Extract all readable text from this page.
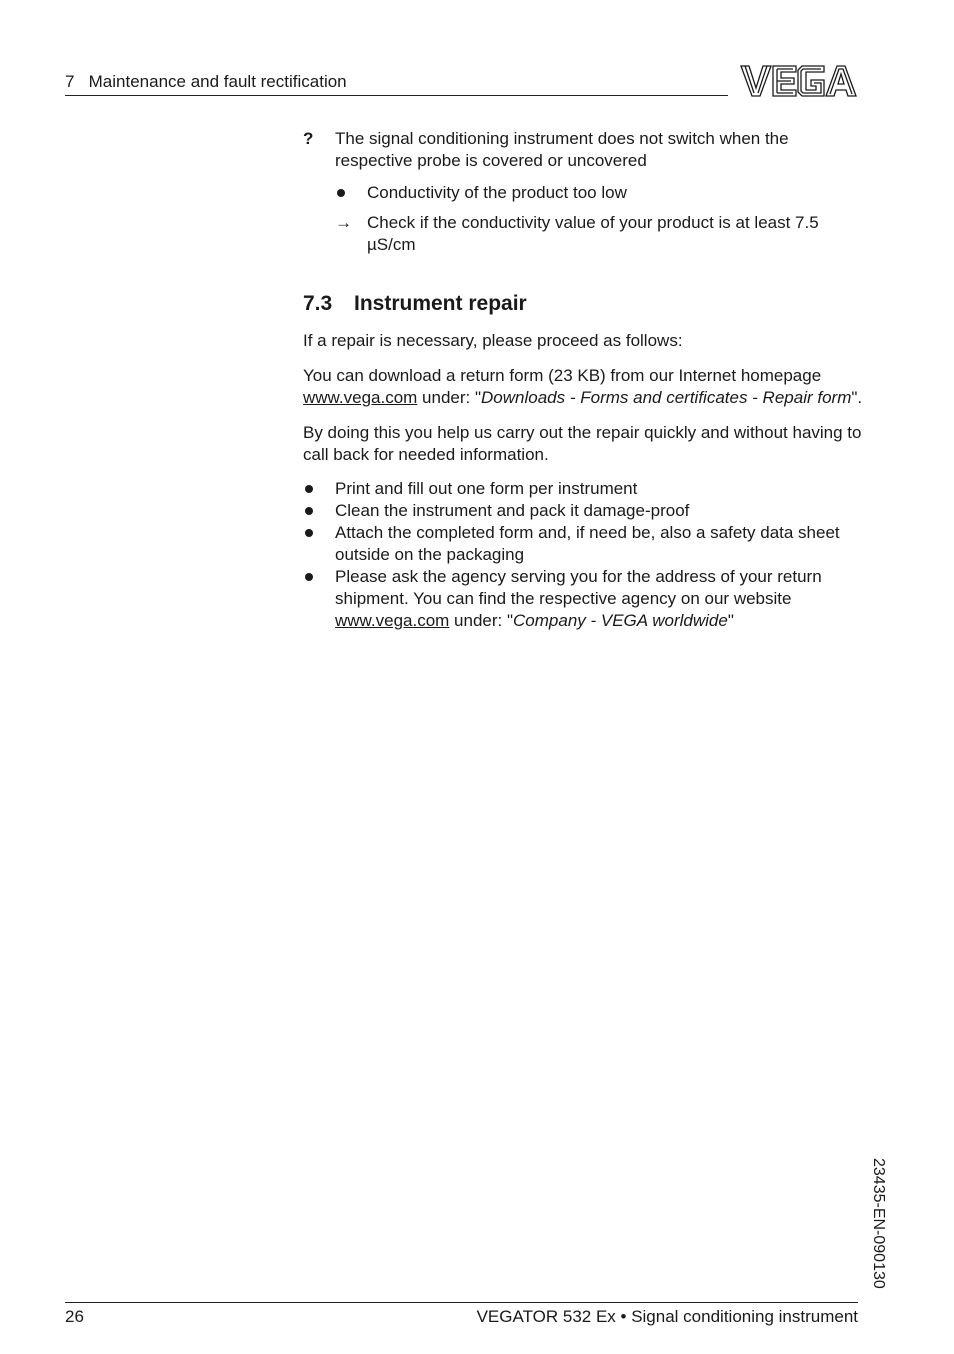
7 Maintenance and fault rectification
?	The signal conditioning instrument does not switch when the respective probe is covered or uncovered

Conductivity of the product too low

→ Check if the conductivity value of your product is at least 7.5 µS/cm

7.3	Instrument repair

If a repair is necessary, please proceed as follows:

You can download a return form (23 KB) from our Internet homepage www.vega.com under: "Downloads - Forms and certificates - Repair form".

By doing this you help us carry out the repair quickly and without having to call back for needed information.

Print and fill out one form per instrument

Clean the instrument and pack it damage-proof

Attach the completed form and, if need be, also a safety data sheet outside on the packaging

Please ask the agency serving you for the address of your return shipment. You can find the respective agency on our website www.vega.com under: "Company - VEGA worldwide"

23435-EN-090130
26	VEGATOR 532 Ex • Signal conditioning instrument
